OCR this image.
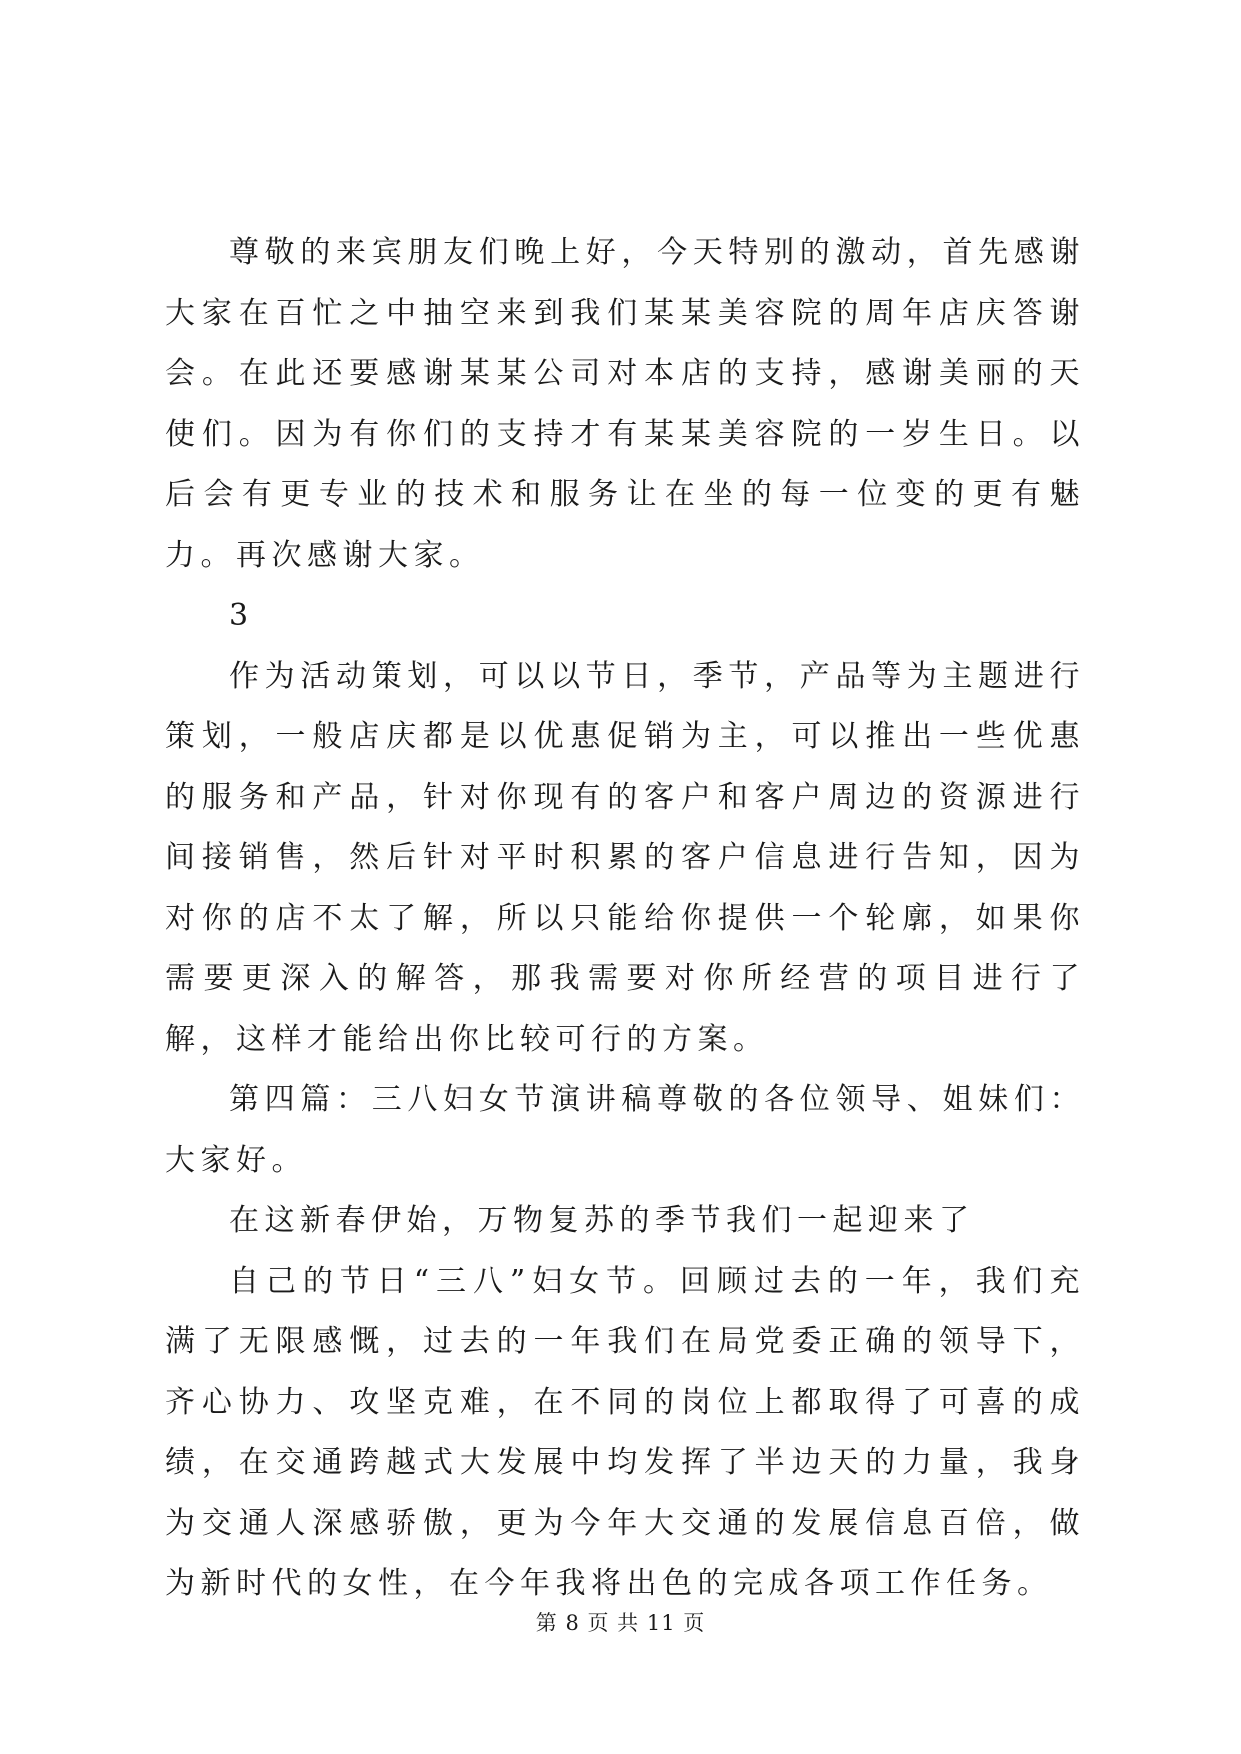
尊敬的来宾朋友们晚上好，今天特别的激动，首先感谢大家在百忙之中抽空来到我们某某美容院的周年店庆答谢会。在此还要感谢某某公司对本店的支持，感谢美丽的天使们。因为有你们的支持才有某某美容院的一岁生日。以后会有更专业的技术和服务让在坐的每一位变的更有魅力。再次感谢大家。

3

作为活动策划，可以以节日，季节，产品等为主题进行策划，一般店庆都是以优惠促销为主，可以推出一些优惠的服务和产品，针对你现有的客户和客户周边的资源进行间接销售，然后针对平时积累的客户信息进行告知，因为对你的店不太了解，所以只能给你提供一个轮廓，如果你需要更深入的解答，那我需要对你所经营的项目进行了解，这样才能给出你比较可行的方案。

第四篇：三八妇女节演讲稿尊敬的各位领导、姐妹们：大家好。

在这新春伊始，万物复苏的季节我们一起迎来了

自己的节日“三八”妇女节。回顾过去的一年，我们充满了无限感慨，过去的一年我们在局党委正确的领导下，齐心协力、攻坚克难，在不同的岗位上都取得了可喜的成绩，在交通跨越式大发展中均发挥了半边天的力量，我身为交通人深感骄傲，更为今年大交通的发展信息百倍，做为新时代的女性，在今年我将出色的完成各项工作任务。

第 8 页 共 11 页
